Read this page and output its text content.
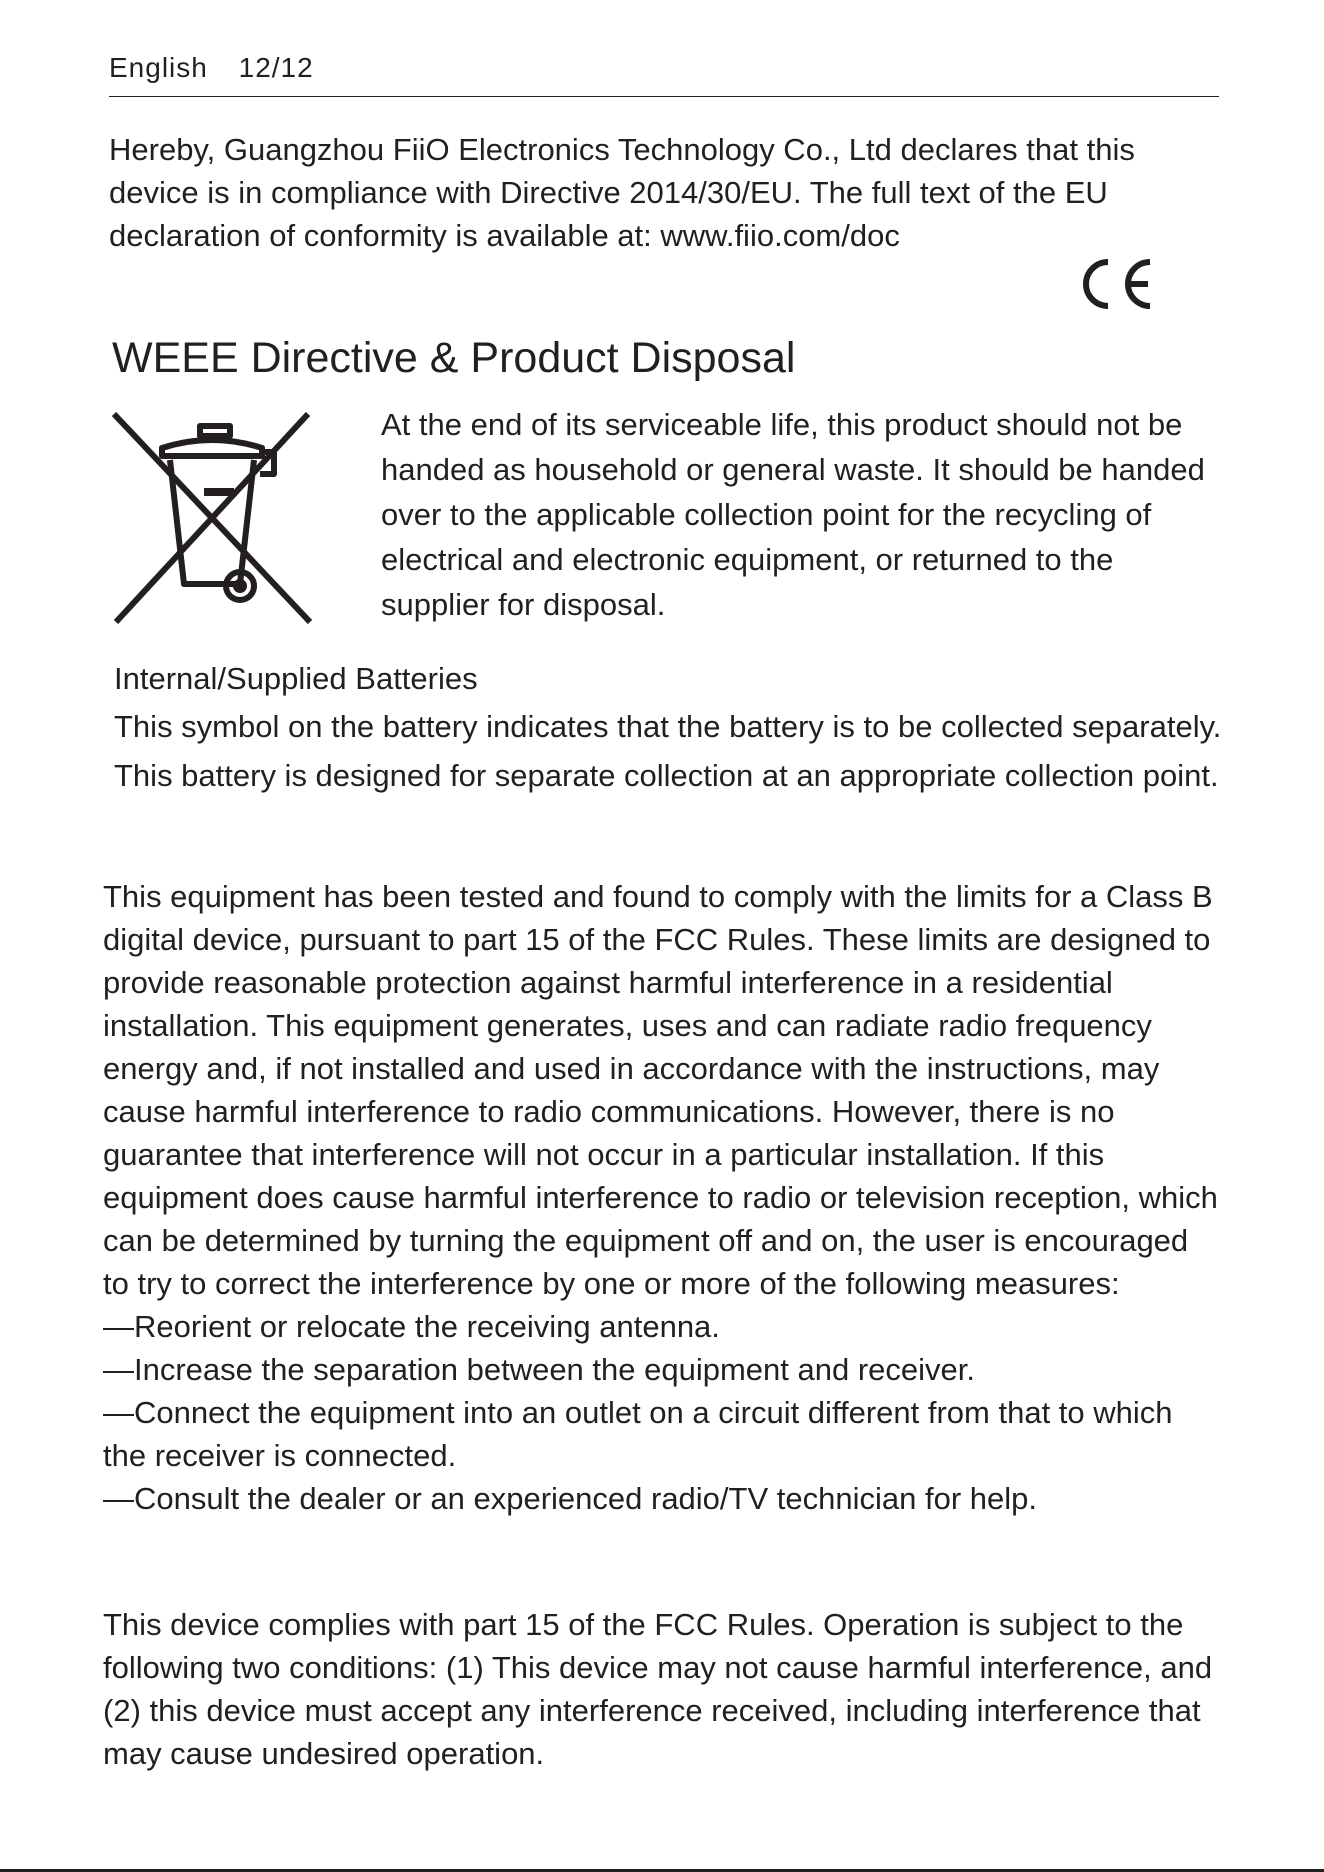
English 12/12

Hereby, Guangzhou FiiO Electronics Technology Co., Ltd declares that this device is in compliance with Directive 2014/30/EU. The full text of the EU declaration of conformity is available at: www.fiio.com/doc

WEEE Directive & Product Disposal

At the end of its serviceable life, this product should not be handed as household or general waste. It should be handed over to the applicable collection point for the recycling of electrical and electronic equipment, or returned to the supplier for disposal.

Internal/Supplied Batteries

This symbol on the battery indicates that the battery is to be collected separately. This battery is designed for separate collection at an appropriate collection point.

This equipment has been tested and found to comply with the limits for a Class B digital device, pursuant to part 15 of the FCC Rules. These limits are designed to provide reasonable protection against harmful interference in a residential installation. This equipment generates, uses and can radiate radio frequency energy and, if not installed and used in accordance with the instructions, may cause harmful interference to radio communications. However, there is no guarantee that interference will not occur in a particular installation. If this equipment does cause harmful interference to radio or television reception, which can be determined by turning the equipment off and on, the user is encouraged to try to correct the interference by one or more of the following measures:

—Reorient or relocate the receiving antenna.

—Increase the separation between the equipment and receiver.

—Connect the equipment into an outlet on a circuit different from that to which the receiver is connected.

—Consult the dealer or an experienced radio/TV technician for help.

This device complies with part 15 of the FCC Rules. Operation is subject to the following two conditions: (1) This device may not cause harmful interference, and (2) this device must accept any interference received, including interference that may cause undesired operation.
